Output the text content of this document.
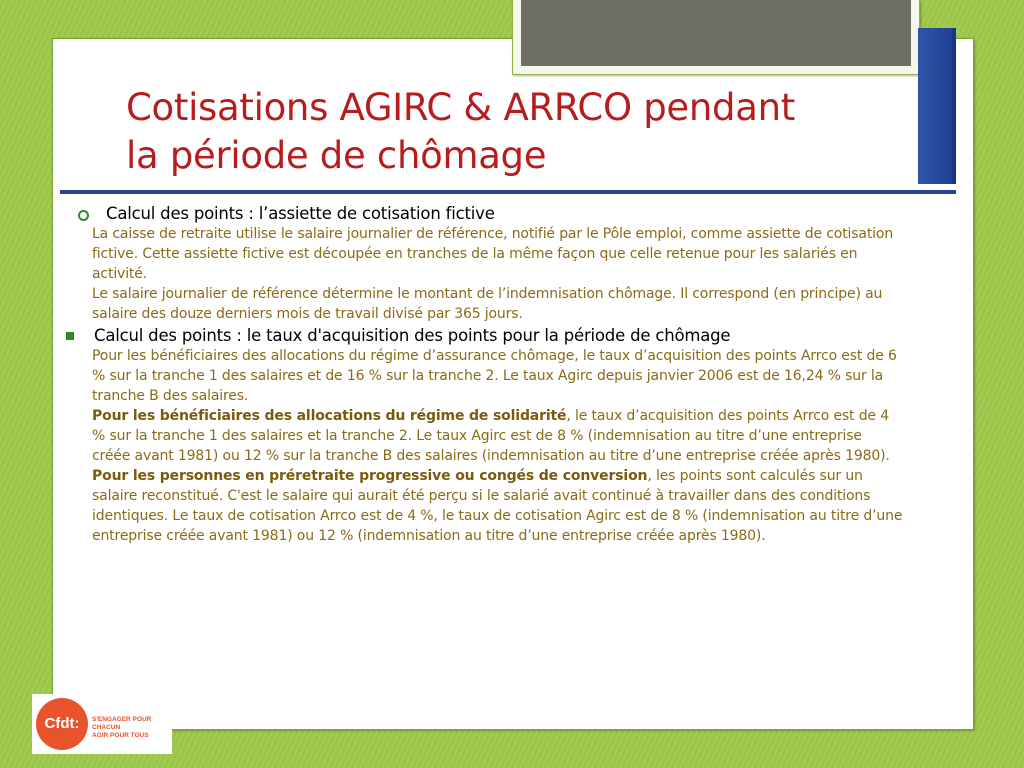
Cotisations AGIRC & ARRCO pendant
la période de chômage
Calcul des points : l’assiette de cotisation fictive

La caisse de retraite utilise le salaire journalier de référence, notifié par le Pôle emploi, comme assiette de cotisation fictive. Cette assiette fictive est découpée en tranches de la même façon que celle retenue pour les salariés en activité.

Le salaire journalier de référence détermine le montant de l’indemnisation chômage. Il correspond (en principe) au salaire des douze derniers mois de travail divisé par 365 jours.

Calcul des points : le taux d'acquisition des points pour la période de chômage

Pour les bénéficiaires des allocations du régime d’assurance chômage, le taux d’acquisition des points Arrco est de 6 % sur la tranche 1 des salaires et de 16 % sur la tranche 2. Le taux Agirc depuis janvier 2006 est de 16,24 % sur la tranche B des salaires.

Pour les bénéficiaires des allocations du régime de solidarité, le taux d’acquisition des points Arrco est de 4 % sur la tranche 1 des salaires et la tranche 2. Le taux Agirc est de 8 % (indemnisation au titre d’une entreprise créée avant 1981) ou 12 % sur la tranche B des salaires (indemnisation au titre d’une entreprise créée après 1980).

Pour les personnes en préretraite progressive ou congés de conversion, les points sont calculés sur un salaire reconstitué. C'est le salaire qui aurait été perçu si le salarié avait continué à travailler dans des conditions identiques. Le taux de cotisation Arrco est de 4 %, le taux de cotisation Agirc est de 8 % (indemnisation au titre d’une entreprise créée avant 1981) ou 12 % (indemnisation au titre d’une entreprise créée après 1980).

Cfdt:	S'ENGAGER POUR CHACUN
AGIR POUR TOUS
